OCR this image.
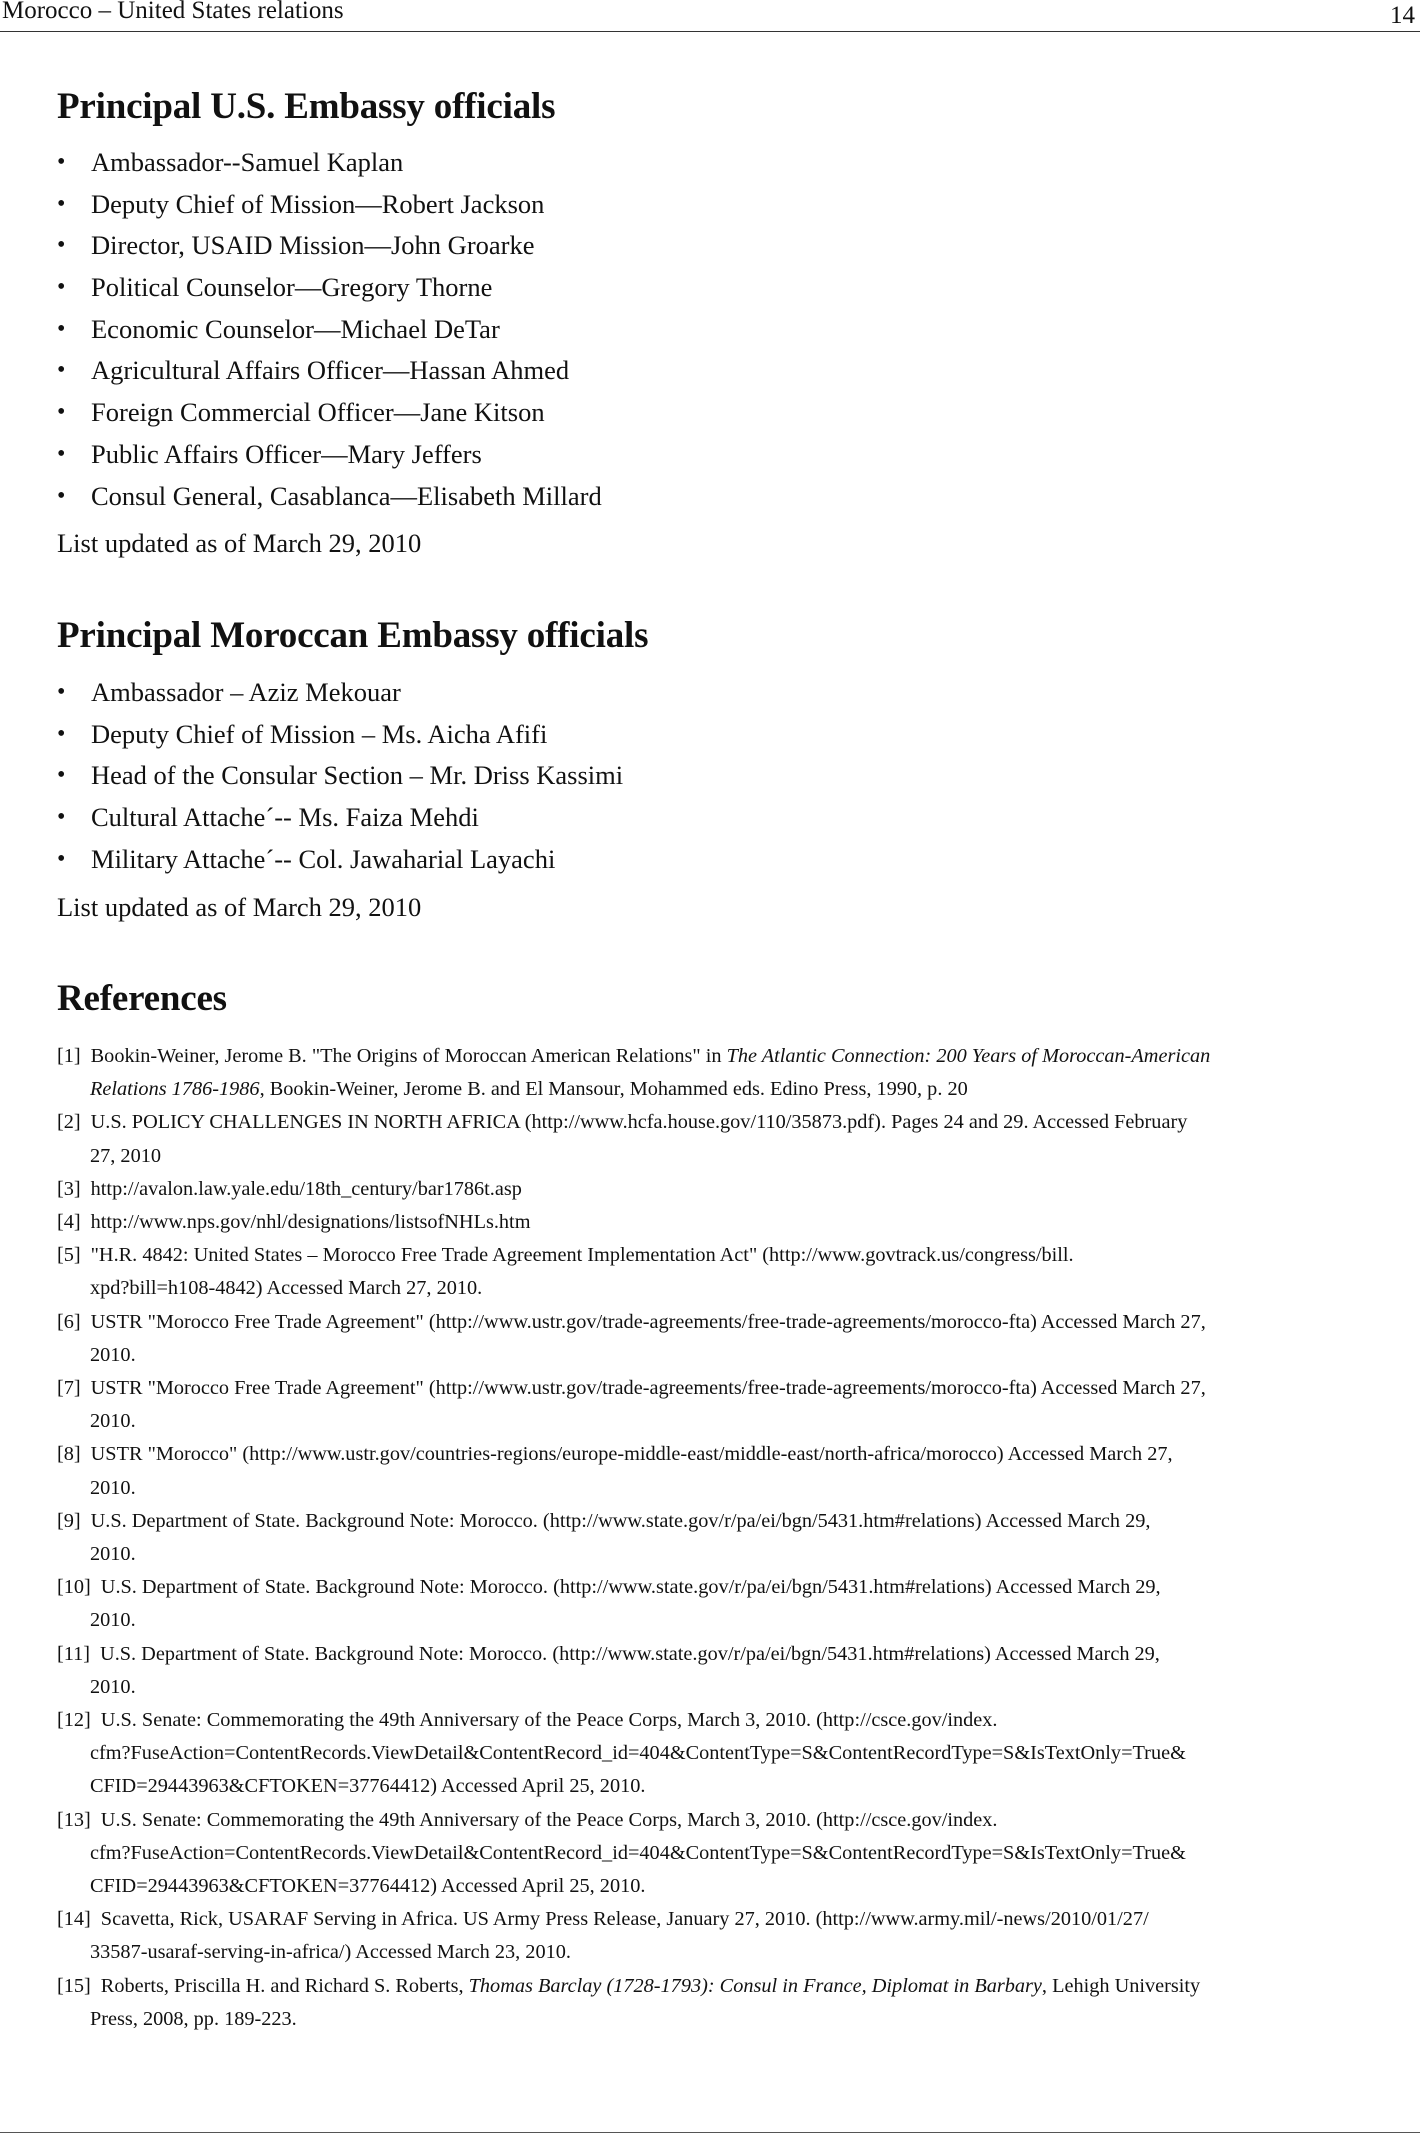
Morocco – United States relations	14
Principal U.S. Embassy officials
• Ambassador--Samuel Kaplan
• Deputy Chief of Mission—Robert Jackson
• Director, USAID Mission—John Groarke
• Political Counselor—Gregory Thorne
• Economic Counselor—Michael DeTar
• Agricultural Affairs Officer—Hassan Ahmed
• Foreign Commercial Officer—Jane Kitson
• Public Affairs Officer—Mary Jeffers
• Consul General, Casablanca—Elisabeth Millard
List updated as of March 29, 2010
Principal Moroccan Embassy officials
• Ambassador – Aziz Mekouar
• Deputy Chief of Mission – Ms. Aicha Afifi
• Head of the Consular Section – Mr. Driss Kassimi
• Cultural Attache´-- Ms. Faiza Mehdi
• Military Attache´-- Col. Jawaharial Layachi
List updated as of March 29, 2010
References
[1] Bookin-Weiner, Jerome B. "The Origins of Moroccan American Relations" in The Atlantic Connection: 200 Years of Moroccan-American
Relations 1786-1986, Bookin-Weiner, Jerome B. and El Mansour, Mohammed eds. Edino Press, 1990, p. 20
[2] U.S. POLICY CHALLENGES IN NORTH AFRICA (http://www.hcfa.house.gov/110/35873.pdf). Pages 24 and 29. Accessed February
27, 2010
[3] http://avalon.law.yale.edu/18th_century/bar1786t.asp
[4] http://www.nps.gov/nhl/designations/listsofNHLs.htm
[5] "H.R. 4842: United States – Morocco Free Trade Agreement Implementation Act" (http://www.govtrack.us/congress/bill.
xpd?bill=h108-4842) Accessed March 27, 2010.
[6] USTR "Morocco Free Trade Agreement" (http://www.ustr.gov/trade-agreements/free-trade-agreements/morocco-fta) Accessed March 27,
2010.
[7] USTR "Morocco Free Trade Agreement" (http://www.ustr.gov/trade-agreements/free-trade-agreements/morocco-fta) Accessed March 27,
2010.
[8] USTR "Morocco" (http://www.ustr.gov/countries-regions/europe-middle-east/middle-east/north-africa/morocco) Accessed March 27,
2010.
[9] U.S. Department of State. Background Note: Morocco. (http://www.state.gov/r/pa/ei/bgn/5431.htm#relations) Accessed March 29,
2010.
[10] U.S. Department of State. Background Note: Morocco. (http://www.state.gov/r/pa/ei/bgn/5431.htm#relations) Accessed March 29,
2010.
[11] U.S. Department of State. Background Note: Morocco. (http://www.state.gov/r/pa/ei/bgn/5431.htm#relations) Accessed March 29,
2010.
[12] U.S. Senate: Commemorating the 49th Anniversary of the Peace Corps, March 3, 2010. (http://csce.gov/index.
cfm?FuseAction=ContentRecords.ViewDetail&ContentRecord_id=404&ContentType=S&ContentRecordType=S&IsTextOnly=True&
CFID=29443963&CFTOKEN=37764412) Accessed April 25, 2010.
[13] U.S. Senate: Commemorating the 49th Anniversary of the Peace Corps, March 3, 2010. (http://csce.gov/index.
cfm?FuseAction=ContentRecords.ViewDetail&ContentRecord_id=404&ContentType=S&ContentRecordType=S&IsTextOnly=True&
CFID=29443963&CFTOKEN=37764412) Accessed April 25, 2010.
[14] Scavetta, Rick, USARAF Serving in Africa. US Army Press Release, January 27, 2010. (http://www.army.mil/-news/2010/01/27/
33587-usaraf-serving-in-africa/) Accessed March 23, 2010.
[15] Roberts, Priscilla H. and Richard S. Roberts, Thomas Barclay (1728-1793): Consul in France, Diplomat in Barbary, Lehigh University
Press, 2008, pp. 189-223.
